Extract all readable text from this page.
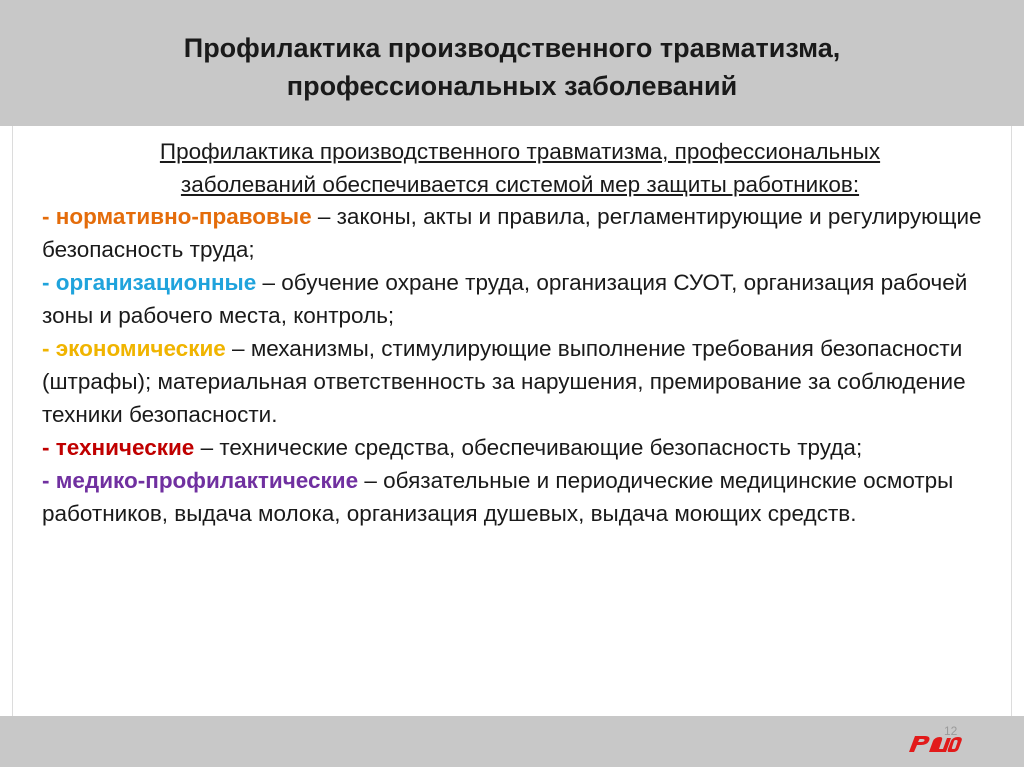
Профилактика производственного травматизма,
профессиональных заболеваний
Профилактика производственного травматизма, профессиональных
заболеваний обеспечивается системой мер защиты работников:

- нормативно-правовые – законы, акты и правила, регламентирующие и регулирующие безопасность труда;

- организационные – обучение охране труда, организация СУОТ, организация рабочей зоны и рабочего места, контроль;

- экономические – механизмы, стимулирующие выполнение требования безопасности (штрафы); материальная ответственность за нарушения, премирование за соблюдение техники безопасности.

- технические – технические средства, обеспечивающие безопасность труда;

- медико-профилактические – обязательные и периодические медицинские осмотры работников, выдача молока, организация душевых, выдача моющих средств.

12
